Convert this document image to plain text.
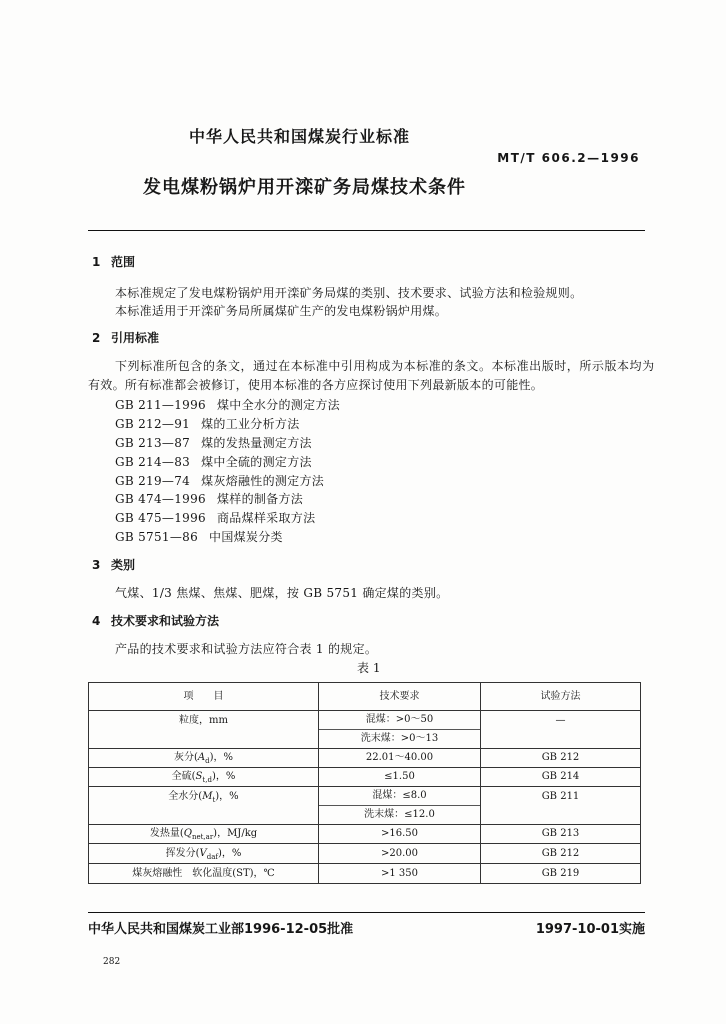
中华人民共和国煤炭行业标准
MT/T 606.2—1996
发电煤粉锅炉用开滦矿务局煤技术条件
1 范围
本标准规定了发电煤粉锅炉用开滦矿务局煤的类别、技术要求、试验方法和检验规则。
本标准适用于开滦矿务局所属煤矿生产的发电煤粉锅炉用煤。
2 引用标准
下列标准所包含的条文，通过在本标准中引用构成为本标准的条文。本标准出版时，所示版本均为
有效。所有标准都会被修订，使用本标准的各方应探讨使用下列最新版本的可能性。
GB 211—1996 煤中全水分的测定方法
GB 212—91 煤的工业分析方法
GB 213—87 煤的发热量测定方法
GB 214—83 煤中全硫的测定方法
GB 219—74 煤灰熔融性的测定方法
GB 474—1996 煤样的制备方法
GB 475—1996 商品煤样采取方法
GB 5751—86 中国煤炭分类
3 类别
气煤、1/3 焦煤、焦煤、肥煤，按 GB 5751 确定煤的类别。
4 技术要求和试验方法
产品的技术要求和试验方法应符合表 1 的规定。
表 1
项　　目	技术要求	试验方法
粒度，mm	混煤：>0～50
洗末煤：>0～13	—
灰分$(A_d)$，%	22.01～40.00	GB 212
全硫$(S_{t,d})$，%	≤1.50	GB 214
全水分$(M_t)$，%	混煤：≤8.0
洗末煤：≤12.0	GB 211
发热量$(Q_{net,ar})$，MJ/kg	>16.50	GB 213
挥发分$(V_{daf})$，%	>20.00	GB 212
煤灰熔融性　软化温度(ST)，℃	>1 350	GB 219
中华人民共和国煤炭工业部1996-12-05批准	1997-10-01实施
282
